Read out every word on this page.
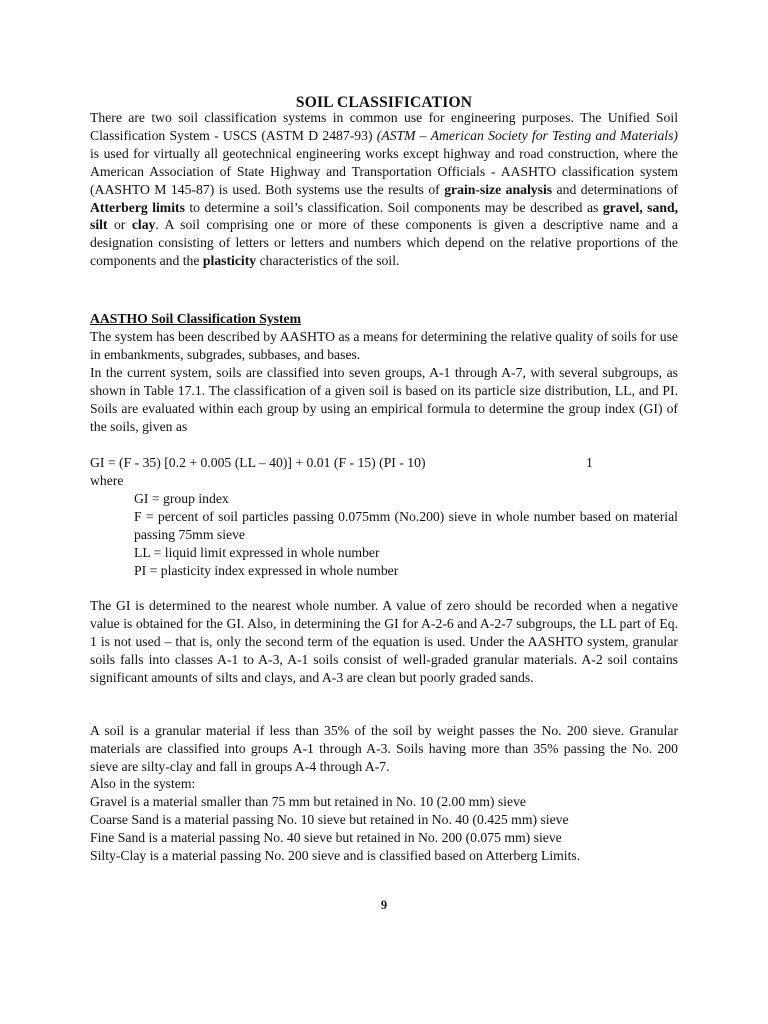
SOIL CLASSIFICATION
There are two soil classification systems in common use for engineering purposes. The Unified Soil Classification System - USCS (ASTM D 2487-93) (ASTM – American Society for Testing and Materials) is used for virtually all geotechnical engineering works except highway and road construction, where the American Association of State Highway and Transportation Officials - AASHTO classification system (AASHTO M 145-87) is used. Both systems use the results of grain-size analysis and determinations of Atterberg limits to determine a soil’s classification. Soil components may be described as gravel, sand, silt or clay. A soil comprising one or more of these components is given a descriptive name and a designation consisting of letters or letters and numbers which depend on the relative proportions of the components and the plasticity characteristics of the soil.
AASTHO Soil Classification System
The system has been described by AASHTO as a means for determining the relative quality of soils for use in embankments, subgrades, subbases, and bases.
In the current system, soils are classified into seven groups, A-1 through A-7, with several subgroups, as shown in Table 17.1. The classification of a given soil is based on its particle size distribution, LL, and PI. Soils are evaluated within each group by using an empirical formula to determine the group index (GI) of the soils, given as
GI = (F - 35) [0.2 + 0.005 (LL – 40)] + 0.01 (F - 15) (PI - 10)	1
where
GI = group index
F = percent of soil particles passing 0.075mm (No.200) sieve in whole number based on material passing 75mm sieve
LL = liquid limit expressed in whole number
PI = plasticity index expressed in whole number
The GI is determined to the nearest whole number. A value of zero should be recorded when a negative value is obtained for the GI. Also, in determining the GI for A-2-6 and A-2-7 subgroups, the LL part of Eq. 1 is not used – that is, only the second term of the equation is used. Under the AASHTO system, granular soils falls into classes A-1 to A-3, A-1 soils consist of well-graded granular materials. A-2 soil contains significant amounts of silts and clays, and A-3 are clean but poorly graded sands.
A soil is a granular material if less than 35% of the soil by weight passes the No. 200 sieve. Granular materials are classified into groups A-1 through A-3. Soils having more than 35% passing the No. 200 sieve are silty-clay and fall in groups A-4 through A-7.
Also in the system:
Gravel is a material smaller than 75 mm but retained in No. 10 (2.00 mm) sieve
Coarse Sand is a material passing No. 10 sieve but retained in No. 40 (0.425 mm) sieve
Fine Sand is a material passing No. 40 sieve but retained in No. 200 (0.075 mm) sieve
Silty-Clay is a material passing No. 200 sieve and is classified based on Atterberg Limits.
9
